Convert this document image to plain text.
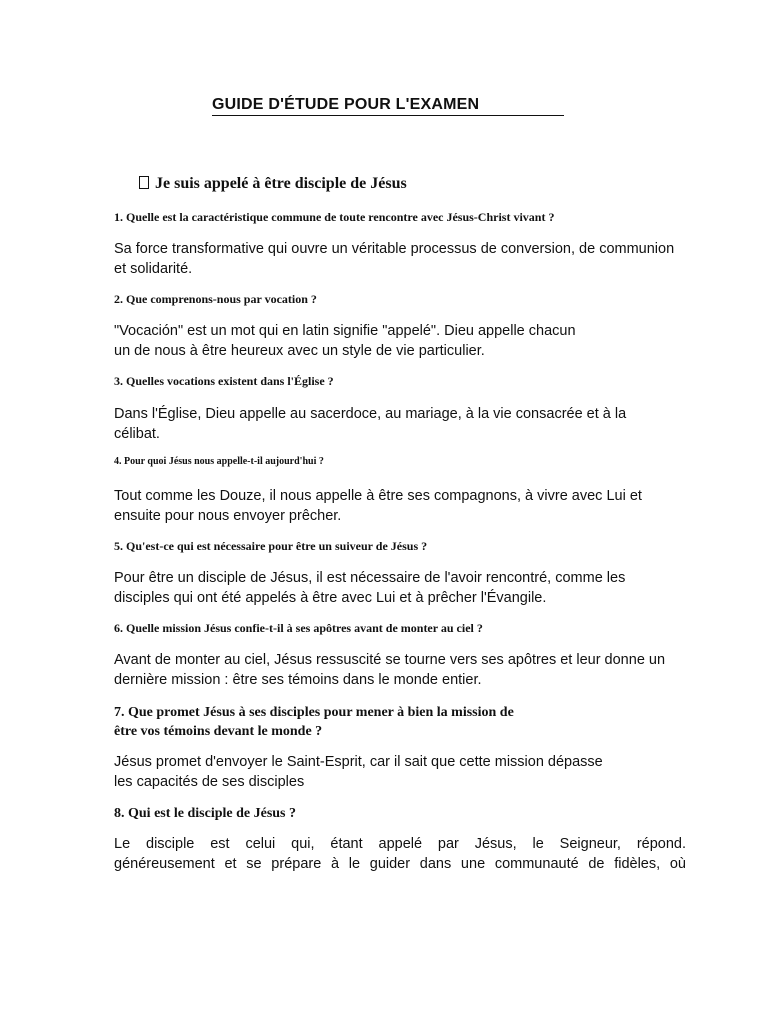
GUIDE D'ÉTUDE POUR L'EXAMEN
Je suis appelé à être disciple de Jésus
1. Quelle est la caractéristique commune de toute rencontre avec Jésus-Christ vivant ?
Sa force transformative qui ouvre un véritable processus de conversion, de communion
et solidarité.
2. Que comprenons-nous par vocation ?
"Vocación" est un mot qui en latin signifie "appelé". Dieu appelle chacun
un de nous à être heureux avec un style de vie particulier.
3. Quelles vocations existent dans l'Église ?
Dans l'Église, Dieu appelle au sacerdoce, au mariage, à la vie consacrée et à la
célibat.
4. Pour quoi Jésus nous appelle-t-il aujourd'hui ?
Tout comme les Douze, il nous appelle à être ses compagnons, à vivre avec Lui et
ensuite pour nous envoyer prêcher.
5. Qu'est-ce qui est nécessaire pour être un suiveur de Jésus ?
Pour être un disciple de Jésus, il est nécessaire de l'avoir rencontré, comme les
disciples qui ont été appelés à être avec Lui et à prêcher l'Évangile.
6. Quelle mission Jésus confie-t-il à ses apôtres avant de monter au ciel ?
Avant de monter au ciel, Jésus ressuscité se tourne vers ses apôtres et leur donne un
dernière mission : être ses témoins dans le monde entier.
7. Que promet Jésus à ses disciples pour mener à bien la mission de
être vos témoins devant le monde ?
Jésus promet d'envoyer le Saint-Esprit, car il sait que cette mission dépasse
les capacités de ses disciples
8. Qui est le disciple de Jésus ?
Le disciple est celui qui, étant appelé par Jésus, le Seigneur, répond.
généreusement et se prépare à le guider dans une communauté de fidèles, où
